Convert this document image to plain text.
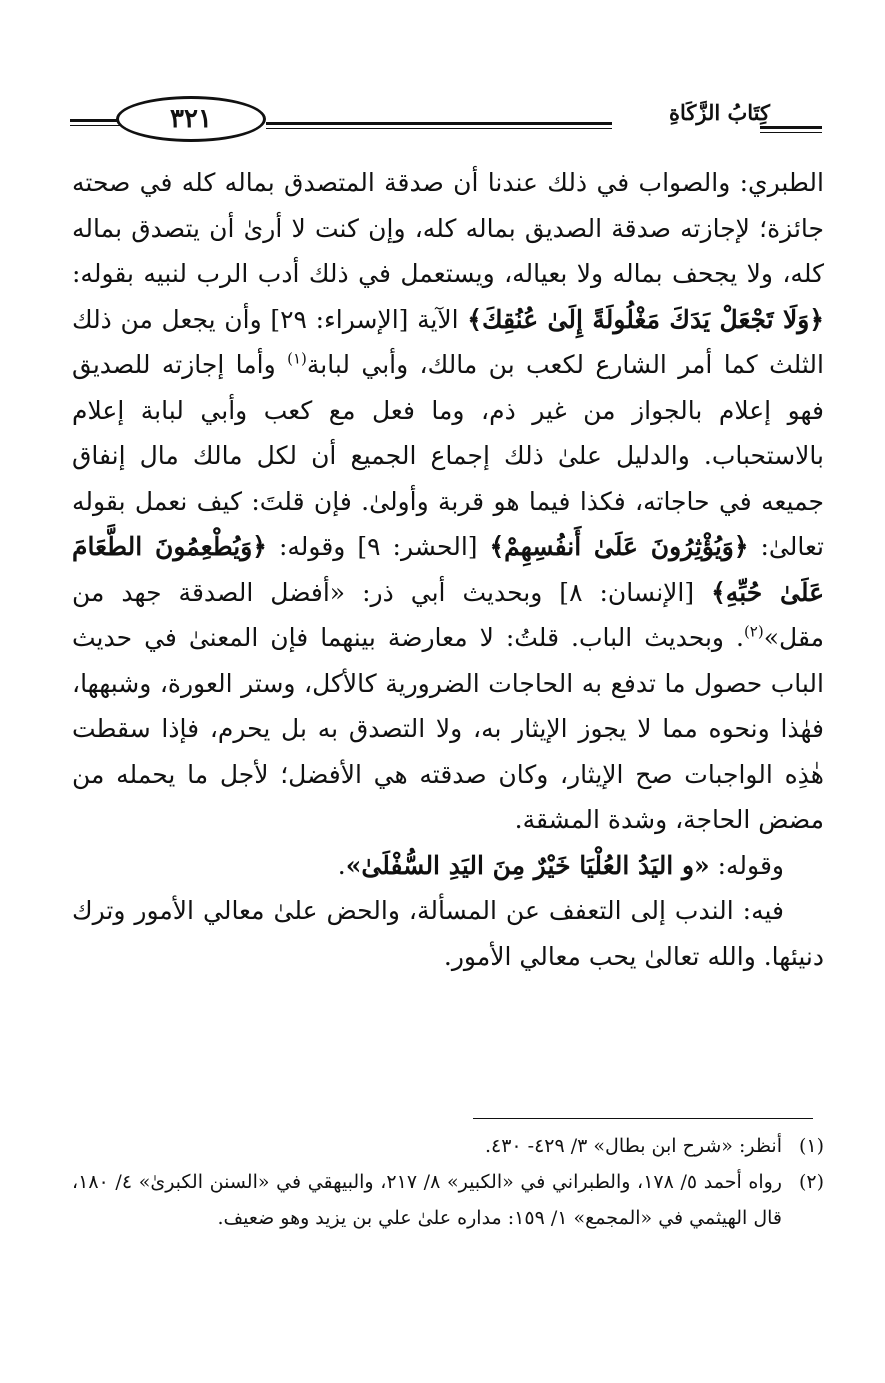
٣٢١	كِتَابُ الزَّكَاةِ

الطبري: والصواب في ذلك عندنا أن صدقة المتصدق بماله كله في صحته جائزة؛ لإجازته صدقة الصديق بماله كله، وإن كنت لا أرىٰ أن يتصدق بماله كله، ولا يجحف بماله ولا بعياله، ويستعمل في ذلك أدب الرب لنبيه بقوله: ﴿وَلَا تَجْعَلْ يَدَكَ مَغْلُولَةً إِلَىٰ عُنُقِكَ﴾ الآية [الإسراء: ٢٩] وأن يجعل من ذلك الثلث كما أمر الشارع لكعب بن مالك، وأبي لبابة$^{(١)}$ وأما إجازته للصديق فهو إعلام بالجواز من غير ذم، وما فعل مع كعب وأبي لبابة إعلام بالاستحباب. والدليل علىٰ ذلك إجماع الجميع أن لكل مالك مال إنفاق جميعه في حاجاته، فكذا فيما هو قربة وأولىٰ. فإن قلتَ: كيف نعمل بقوله تعالىٰ: ﴿وَيُؤْثِرُونَ عَلَىٰ أَنفُسِهِمْ﴾ [الحشر: ٩] وقوله: ﴿وَيُطْعِمُونَ الطَّعَامَ عَلَىٰ حُبِّهِ﴾ [الإنسان: ٨] وبحديث أبي ذر: «أفضل الصدقة جهد من مقل»$^{(٢)}$. وبحديث الباب. قلتُ: لا معارضة بينهما فإن المعنىٰ في حديث الباب حصول ما تدفع به الحاجات الضرورية كالأكل، وستر العورة، وشبهها، فهٰذا ونحوه مما لا يجوز الإيثار به، ولا التصدق به بل يحرم، فإذا سقطت هٰذِه الواجبات صح الإيثار، وكان صدقته هي الأفضل؛ لأجل ما يحمله من مضض الحاجة، وشدة المشقة.

وقوله: «و اليَدُ العُلْيَا خَيْرٌ مِنَ اليَدِ السُّفْلَىٰ».

فيه: الندب إلى التعفف عن المسألة، والحض علىٰ معالي الأمور وترك دنيئها. والله تعالىٰ يحب معالي الأمور.

(١)
أنظر: «شرح ابن بطال» ٣/ ٤٢٩- ٤٣٠.
(٢)
رواه أحمد ٥/ ١٧٨، والطبراني في «الكبير» ٨/ ٢١٧، والبيهقي في «السنن الكبرىٰ» ٤/ ١٨٠، قال الهيثمي في «المجمع» ١/ ١٥٩: مداره علىٰ علي بن يزيد وهو ضعيف.
